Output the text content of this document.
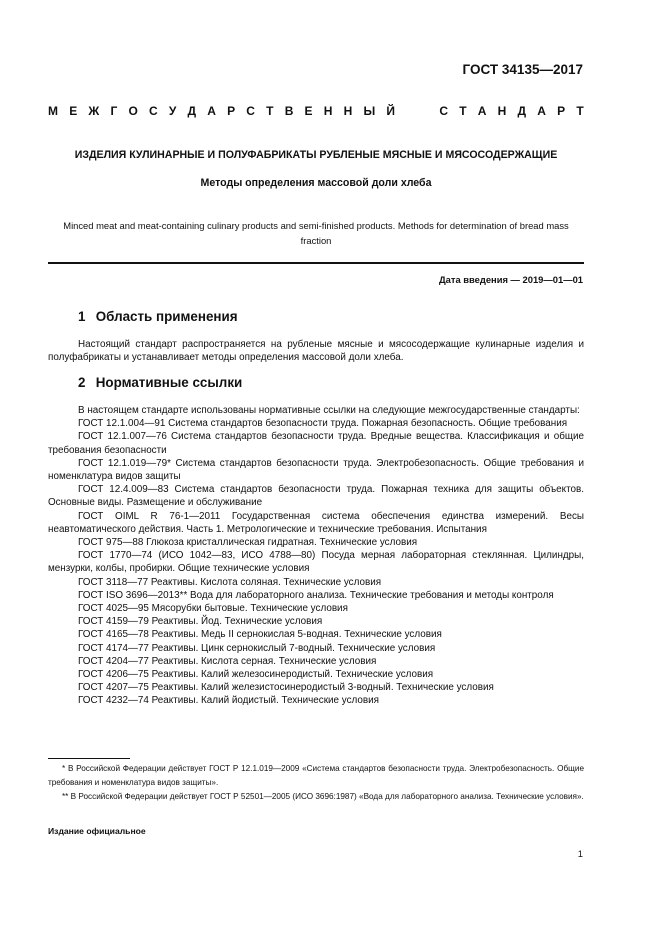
ГОСТ 34135—2017
М Е Ж Г О С У Д А Р С Т В Е Н Н Ы Й	С Т А Н Д А Р Т
ИЗДЕЛИЯ КУЛИНАРНЫЕ И ПОЛУФАБРИКАТЫ РУБЛЕНЫЕ МЯСНЫЕ И МЯСОСОДЕРЖАЩИЕ
Методы определения массовой доли хлеба
Minced meat and meat-containing culinary products and semi-finished products. Methods for determination of bread mass fraction
Дата введения — 2019—01—01
1 Область применения
Настоящий стандарт распространяется на рубленые мясные и мясосодержащие кулинарные изделия и полуфабрикаты и устанавливает методы определения массовой доли хлеба.
2 Нормативные ссылки
В настоящем стандарте использованы нормативные ссылки на следующие межгосударственные стандарты:
ГОСТ 12.1.004—91 Система стандартов безопасности труда. Пожарная безопасность. Общие требования
ГОСТ 12.1.007—76 Система стандартов безопасности труда. Вредные вещества. Классификация и общие требования безопасности
ГОСТ 12.1.019—79* Система стандартов безопасности труда. Электробезопасность. Общие требования и номенклатура видов защиты
ГОСТ 12.4.009—83 Система стандартов безопасности труда. Пожарная техника для защиты объектов. Основные виды. Размещение и обслуживание
ГОСТ OIML R 76-1—2011 Государственная система обеспечения единства измерений. Весы неавтоматического действия. Часть 1. Метрологические и технические требования. Испытания
ГОСТ 975—88 Глюкоза кристаллическая гидратная. Технические условия
ГОСТ 1770—74 (ИСО 1042—83, ИСО 4788—80) Посуда мерная лабораторная стеклянная. Цилиндры, мензурки, колбы, пробирки. Общие технические условия
ГОСТ 3118—77 Реактивы. Кислота соляная. Технические условия
ГОСТ ISO 3696—2013** Вода для лабораторного анализа. Технические требования и методы контроля
ГОСТ 4025—95 Мясорубки бытовые. Технические условия
ГОСТ 4159—79 Реактивы. Йод. Технические условия
ГОСТ 4165—78 Реактивы. Медь II сернокислая 5-водная. Технические условия
ГОСТ 4174—77 Реактивы. Цинк сернокислый 7-водный. Технические условия
ГОСТ 4204—77 Реактивы. Кислота серная. Технические условия
ГОСТ 4206—75 Реактивы. Калий железосинеродистый. Технические условия
ГОСТ 4207—75 Реактивы. Калий железистосинеродистый 3-водный. Технические условия
ГОСТ 4232—74 Реактивы. Калий йодистый. Технические условия
* В Российской Федерации действует ГОСТ Р 12.1.019—2009 «Система стандартов безопасности труда. Электробезопасность. Общие требования и номенклатура видов защиты».
** В Российской Федерации действует ГОСТ Р 52501—2005 (ИСО 3696:1987) «Вода для лабораторного анализа. Технические условия».
Издание официальное
1
